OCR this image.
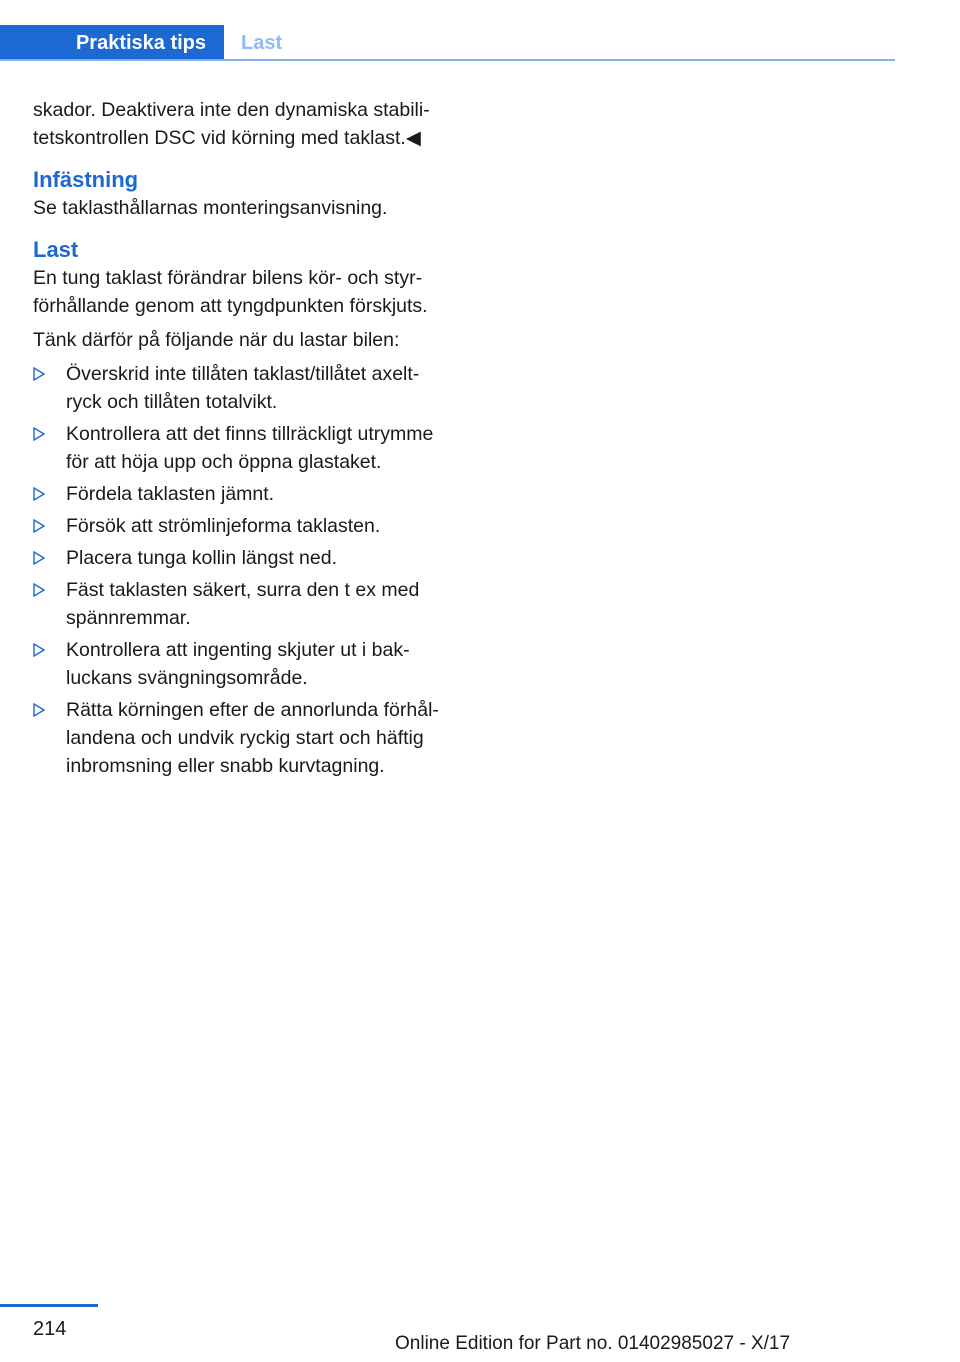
Praktiska tips Last

skador. Deaktivera inte den dynamiska stabili‐

tetskontrollen DSC vid körning med taklast.◀

Infästning

Se taklasthållarnas monteringsanvisning.

Last

En tung taklast förändrar bilens kör- och styr‐

förhållande genom att tyngdpunkten förskjuts.

Tänk därför på följande när du lastar bilen:

Överskrid inte tillåten taklast/tillåtet axelt‐
ryck och tillåten totalvikt.
Kontrollera att det finns tillräckligt utrymme
för att höja upp och öppna glastaket.
Fördela taklasten jämnt.
Försök att strömlinjeforma taklasten.
Placera tunga kollin längst ned.
Fäst taklasten säkert, surra den t ex med
spännremmar.
Kontrollera att ingenting skjuter ut i bak‐
luckans svängningsområde.
Rätta körningen efter de annorlunda förhål‐
landena och undvik ryckig start och häftig
inbromsning eller snabb kurvtagning.
214
Online Edition for Part no. 01402985027 - X/17
